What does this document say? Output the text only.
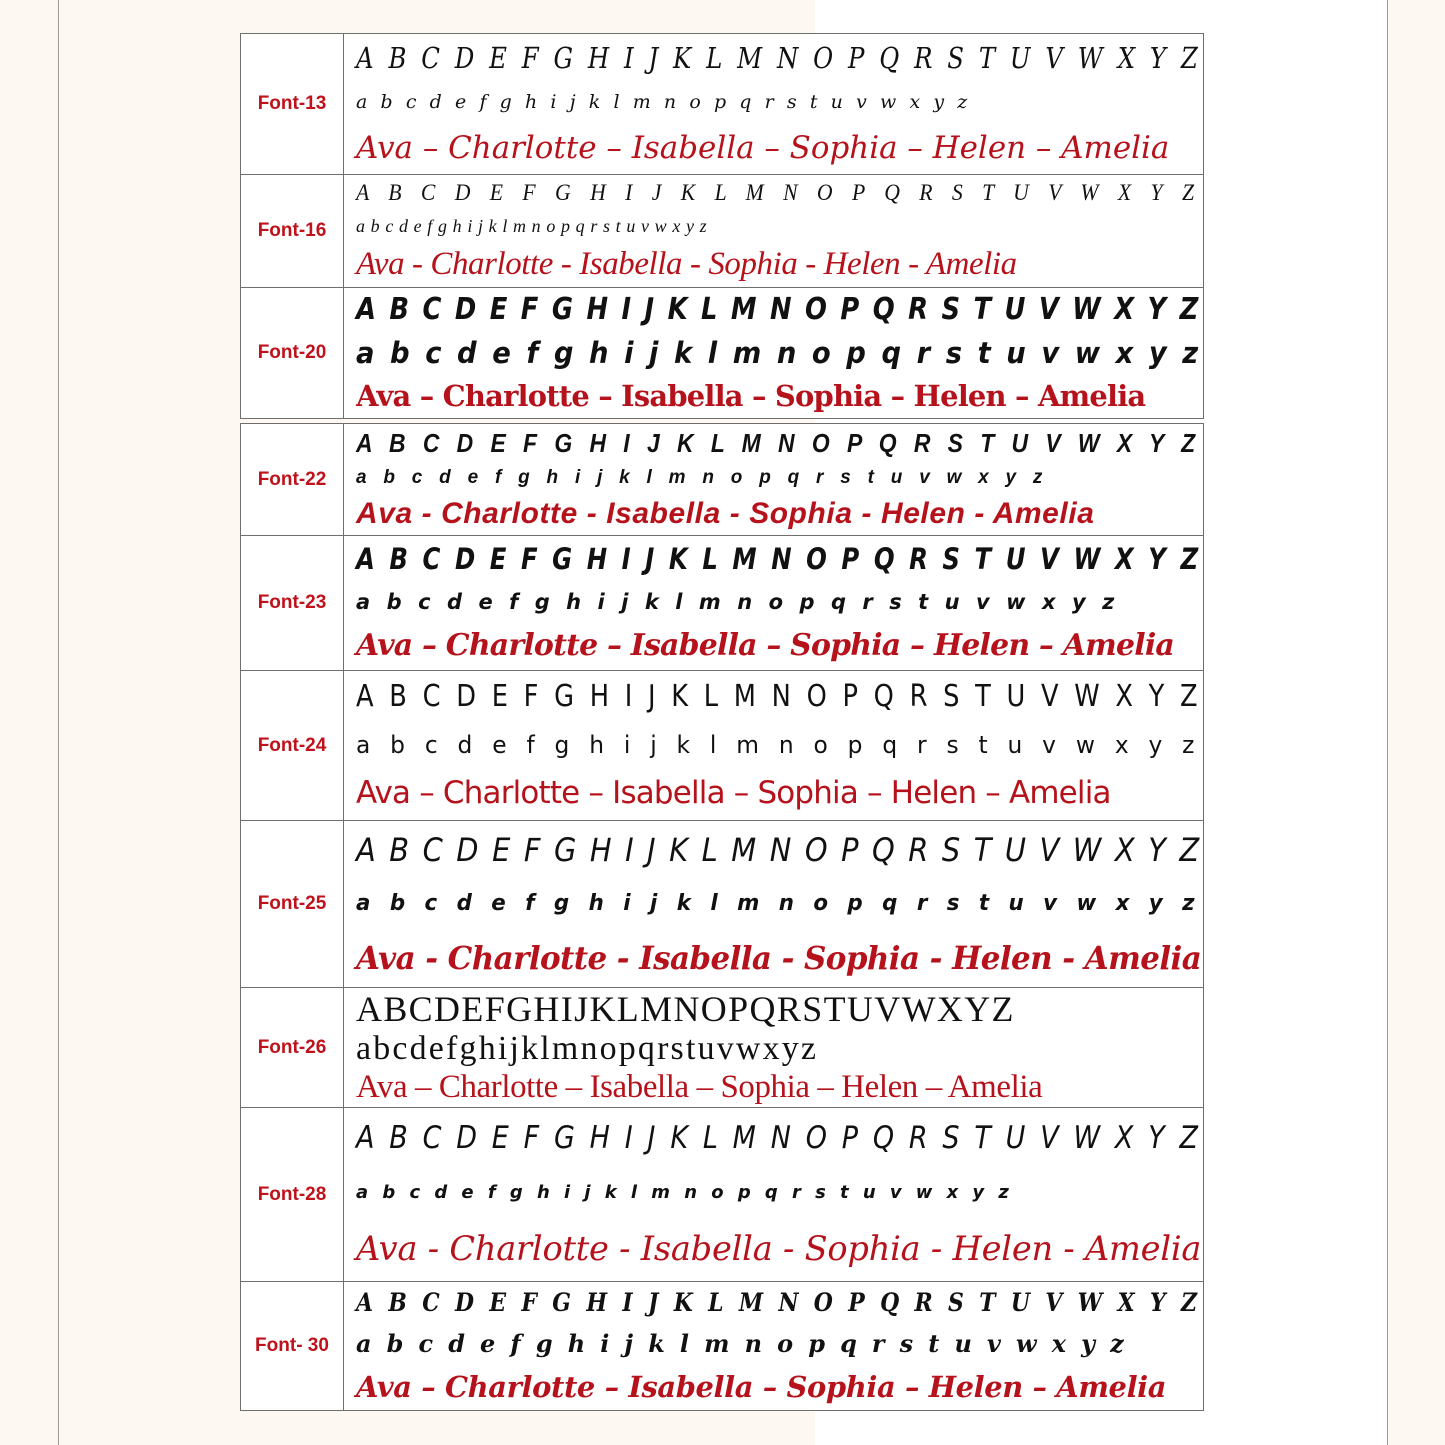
Font-13
A B C D E F G H I J K L M N O P Q R S T U V W X Y Z
a b c d e f g h i j k l m n o p q r s t u v w x y z
Ava – Charlotte – Isabella – Sophia – Helen – Amelia
Font-16
A B C D E F G H I J K L M N O P Q R S T U V W X Y Z
a b c d e f g h i j k l m n o p q r s t u v w x y z
Ava - Charlotte - Isabella - Sophia - Helen - Amelia
Font-20
A B C D E F G H I J K L M N O P Q R S T U V W X Y Z
a b c d e f g h i j k l m n o p q r s t u v w x y z
Ava – Charlotte – Isabella – Sophia – Helen – Amelia
Font-22
A B C D E F G H I J K L M N O P Q R S T U V W X Y Z
a b c d e f g h i j k l m n o p q r s t u v w x y z
Ava - Charlotte - Isabella - Sophia - Helen - Amelia
Font-23
A B C D E F G H I J K L M N O P Q R S T U V W X Y Z
a b c d e f g h i j k l m n o p q r s t u v w x y z
Ava – Charlotte – Isabella – Sophia – Helen – Amelia
Font-24
A B C D E F G H I J K L M N O P Q R S T U V W X Y Z
a b c d e f g h i j k l m n o p q r s t u v w x y z
Ava – Charlotte – Isabella – Sophia – Helen – Amelia
Font-25
A B C D E F G H I J K L M N O P Q R S T U V W X Y Z
a b c d e f g h i j k l m n o p q r s t u v w x y z
Ava - Charlotte - Isabella - Sophia - Helen - Amelia
Font-26
ABCDEFGHIJKLMNOPQRSTUVWXYZ
abcdefghijklmnopqrstuvwxyz
Ava – Charlotte – Isabella – Sophia – Helen – Amelia
Font-28
A B C D E F G H I J K L M N O P Q R S T U V W X Y Z
a b c d e f g h i j k l m n o p q r s t u v w x y z
Ava - Charlotte - Isabella - Sophia - Helen - Amelia
Font- 30
A B C D E F G H I J K L M N O P Q R S T U V W X Y Z
a b c d e f g h i j k l m n o p q r s t u v w x y z
Ava – Charlotte – Isabella – Sophia – Helen – Amelia
